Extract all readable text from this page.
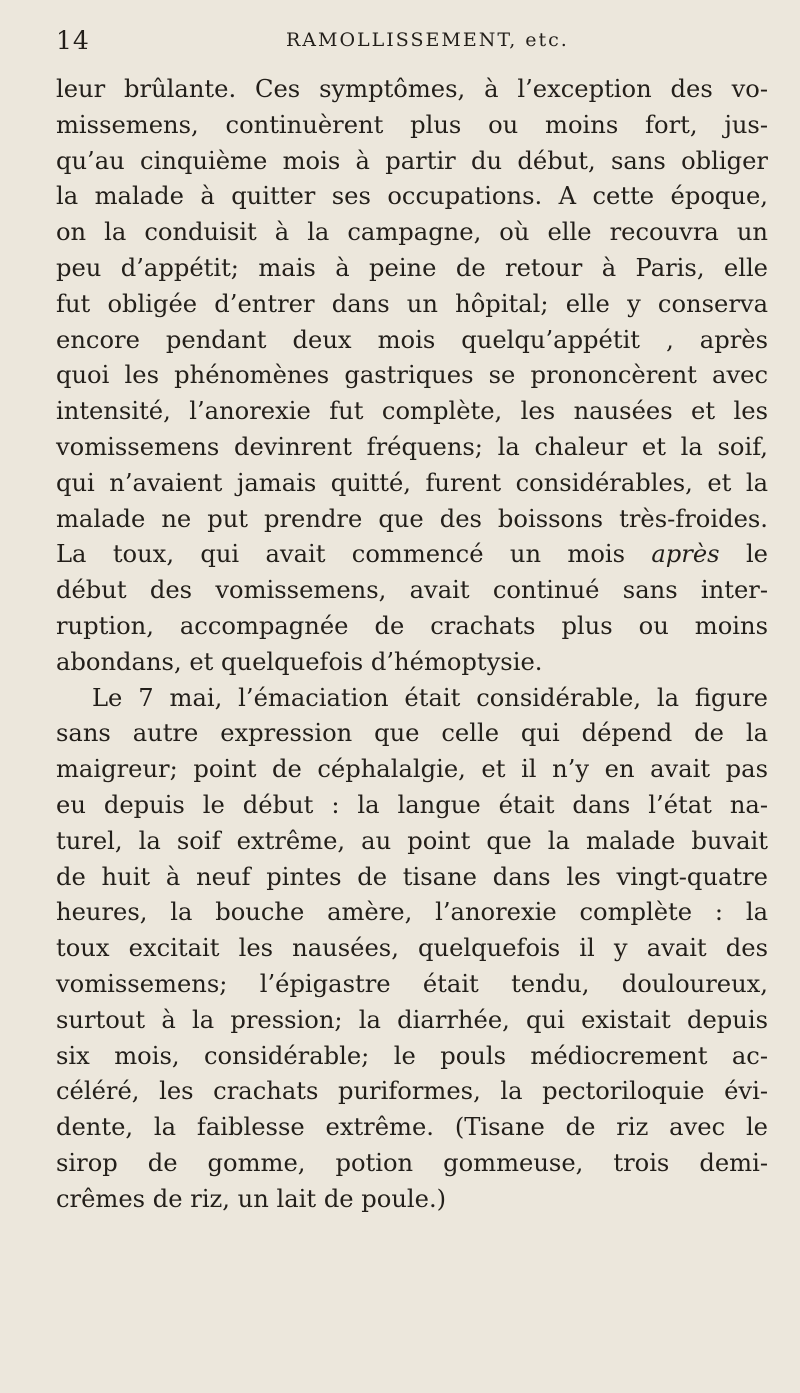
14	RAMOLLISSEMENT, etc.
leur brûlante. Ces symptômes, à l’exception des vo-
missemens, continuèrent plus ou moins fort, jus-
qu’au cinquième mois à partir du début, sans obliger
la malade à quitter ses occupations. A cette époque,
on la conduisit à la campagne, où elle recouvra un
peu d’appétit; mais à peine de retour à Paris, elle
fut obligée d’entrer dans un hôpital; elle y conserva
encore pendant deux mois quelqu’appétit , après
quoi les phénomènes gastriques se prononcèrent avec
intensité, l’anorexie fut complète, les nausées et les
vomissemens devinrent fréquens; la chaleur et la soif,
qui n’avaient jamais quitté, furent considérables, et la
malade ne put prendre que des boissons très-froides.
La toux, qui avait commencé un mois après le
début des vomissemens, avait continué sans inter-
ruption, accompagnée de crachats plus ou moins
abondans, et quelquefois d’hémoptysie.
Le 7 mai, l’émaciation était considérable, la figure
sans autre expression que celle qui dépend de la
maigreur; point de céphalalgie, et il n’y en avait pas
eu depuis le début : la langue était dans l’état na-
turel, la soif extrême, au point que la malade buvait
de huit à neuf pintes de tisane dans les vingt-quatre
heures, la bouche amère, l’anorexie complète : la
toux excitait les nausées, quelquefois il y avait des
vomissemens; l’épigastre était tendu, douloureux,
surtout à la pression; la diarrhée, qui existait depuis
six mois, considérable; le pouls médiocrement ac-
céléré, les crachats puriformes, la pectoriloquie évi-
dente, la faiblesse extrême. (Tisane de riz avec le
sirop de gomme, potion gommeuse, trois demi-
crêmes de riz, un lait de poule.)
